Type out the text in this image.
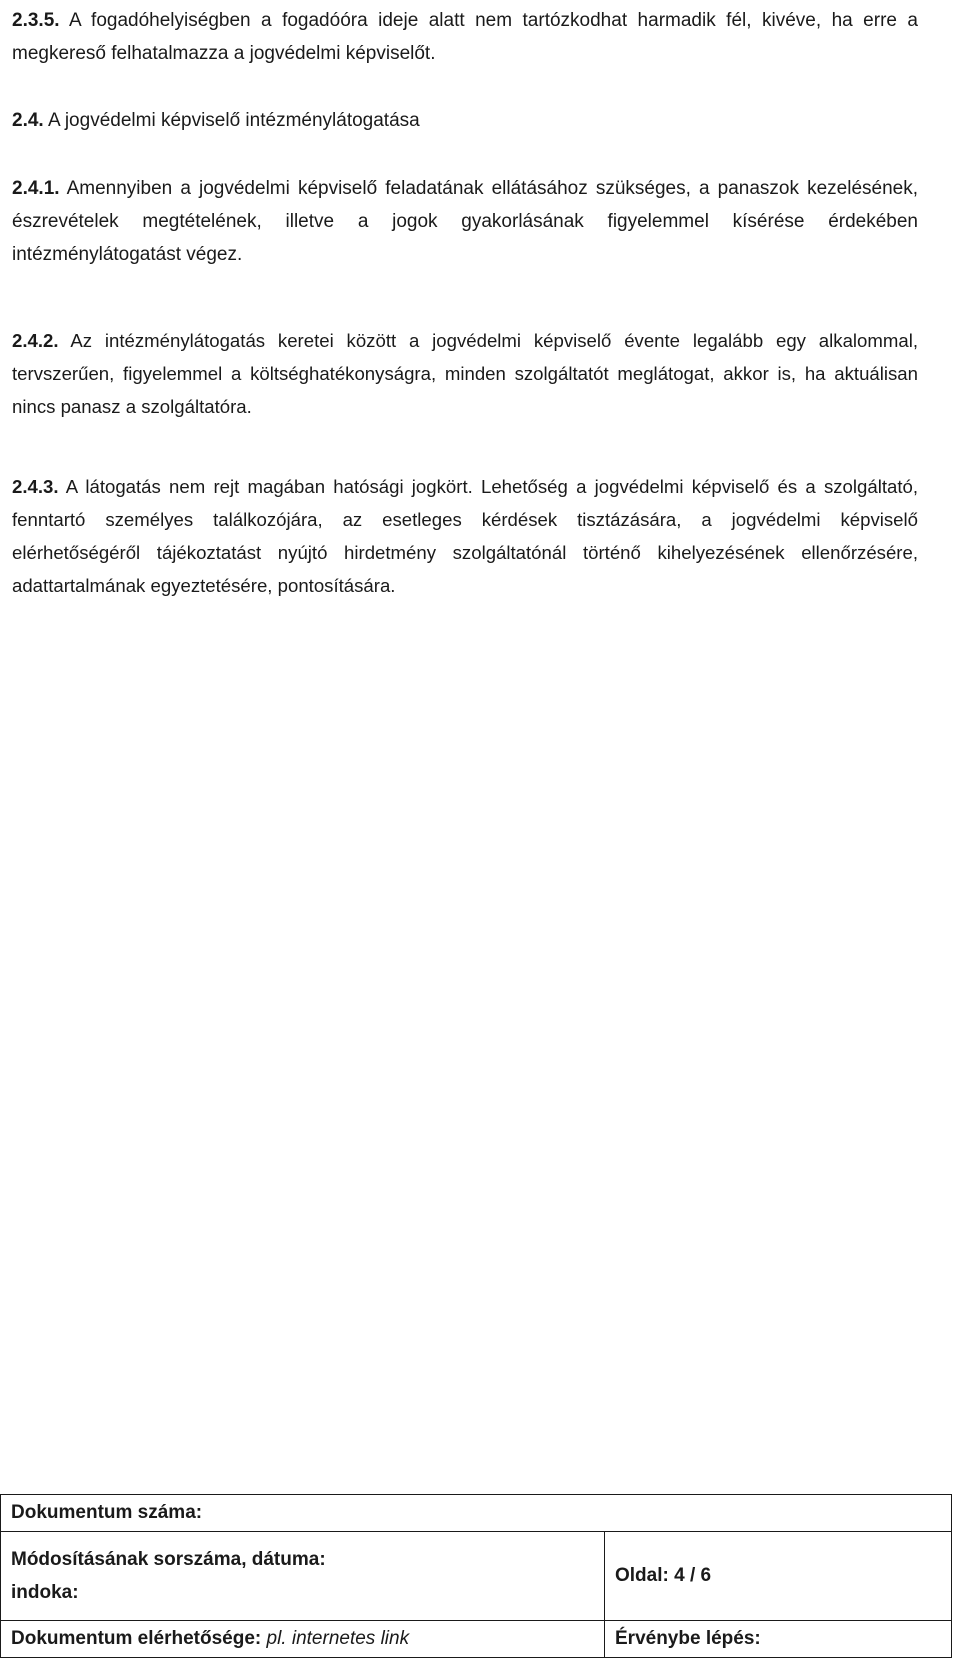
2.3.5. A fogadóhelyiségben a fogadóóra ideje alatt nem tartózkodhat harmadik fél, kivéve, ha erre a megkereső felhatalmazza a jogvédelmi képviselőt.

2.4. A jogvédelmi képviselő intézménylátogatása

2.4.1. Amennyiben a jogvédelmi képviselő feladatának ellátásához szükséges, a panaszok kezelésének, észrevételek megtételének, illetve a jogok gyakorlásának figyelemmel kísérése érdekében intézménylátogatást végez.

2.4.2. Az intézménylátogatás keretei között a jogvédelmi képviselő évente legalább egy alkalommal, tervszerűen, figyelemmel a költséghatékonyságra, minden szolgáltatót meglátogat, akkor is, ha aktuálisan nincs panasz a szolgáltatóra.

2.4.3. A látogatás nem rejt magában hatósági jogkört. Lehetőség a jogvédelmi képviselő és a szolgáltató, fenntartó személyes találkozójára, az esetleges kérdések tisztázására, a jogvédelmi képviselő elérhetőségéről tájékoztatást nyújtó hirdetmény szolgáltatónál történő kihelyezésének ellenőrzésére, adattartalmának egyeztetésére, pontosítására.

Dokumentum száma:	
Módosításának sorszáma, dátuma:
indoka:	Oldal: 4 / 6
Dokumentum elérhetősége: pl. internetes link	Érvénybe lépés:
